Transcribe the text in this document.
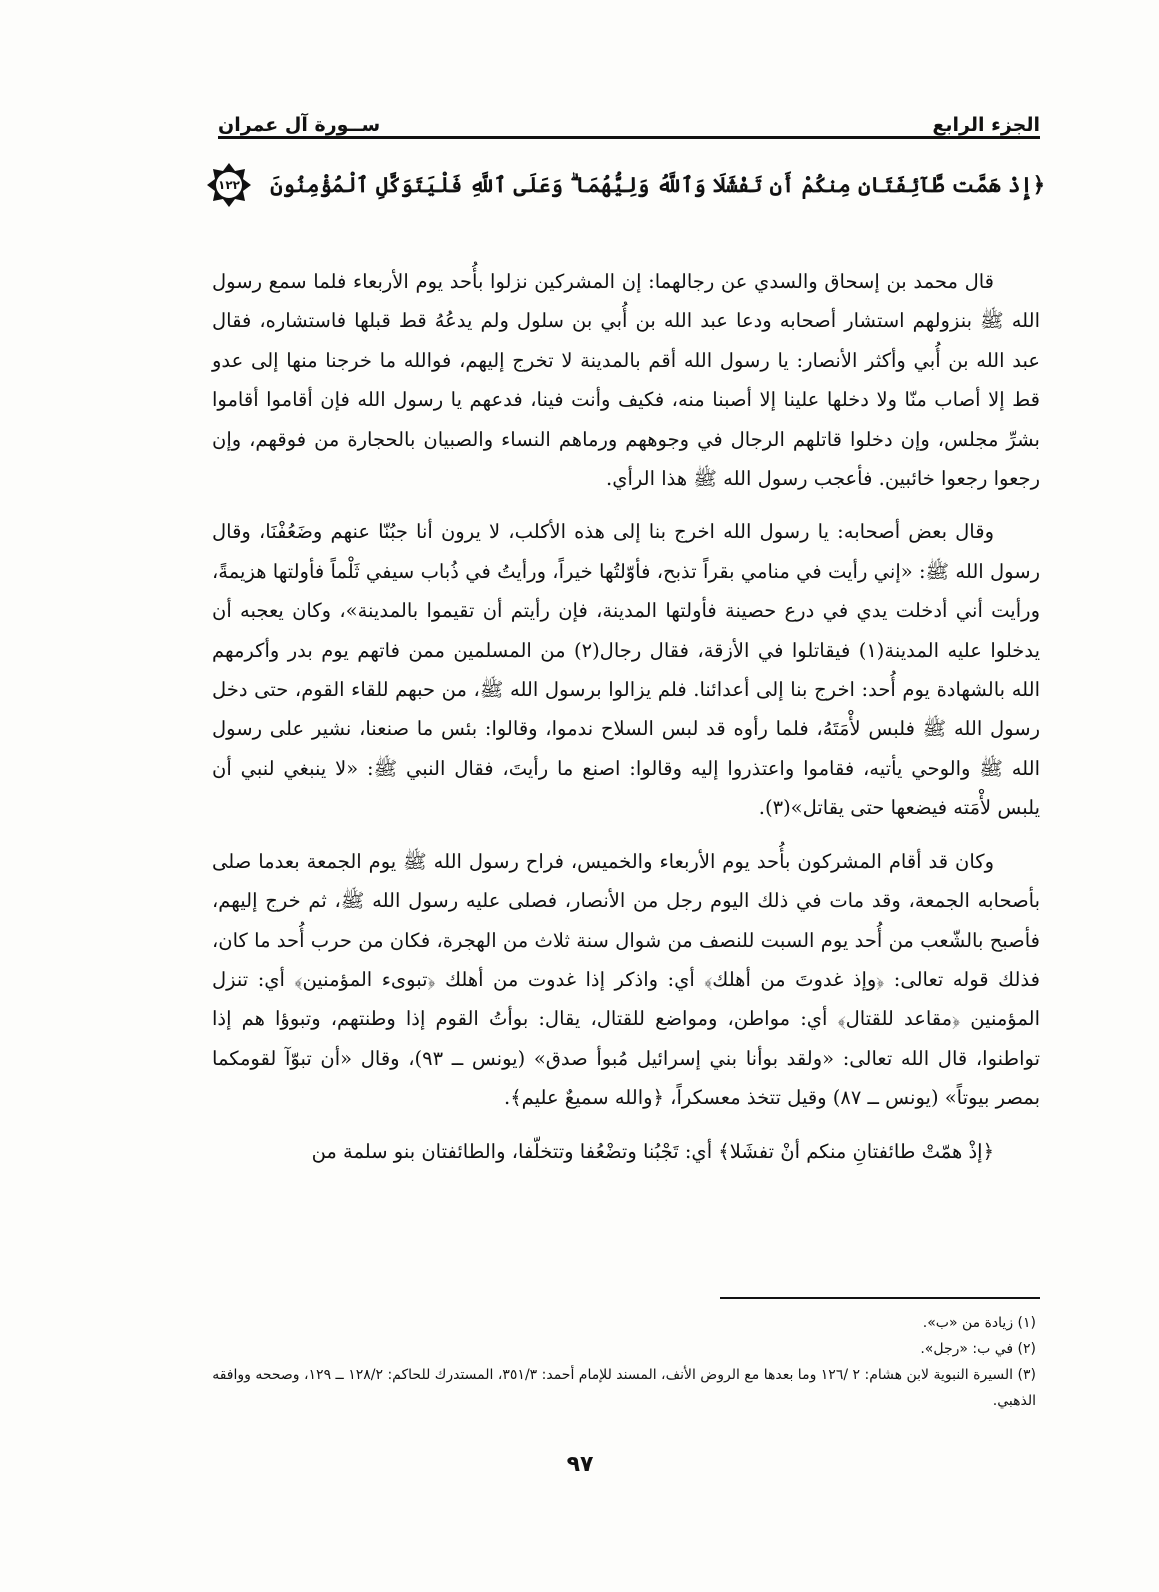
الجزء الرابع
ســورة آل عمران
﴿إِذْ هَمَّت طَّآئِفَتَانِ مِنكُمْ أَن تَفْشَلَا وَٱللَّهُ وَلِيُّهُمَا ۗ وَعَلَى ٱللَّهِ فَلْيَتَوَكَّلِ ٱلْمُؤْمِنُونَ
١٢٢

قال محمد بن إسحاق والسدي عن رجالهما: إن المشركين نزلوا بأُحد يوم الأربعاء فلما سمع رسول الله ﷺ بنزولهم استشار أصحابه ودعا عبد الله بن أُبي بن سلول ولم يدعُهُ قط قبلها فاستشاره، فقال عبد الله بن أُبي وأكثر الأنصار: يا رسول الله أقم بالمدينة لا تخرج إليهم، فوالله ما خرجنا منها إلى عدو قط إلا أصاب منّا ولا دخلها علينا إلا أصبنا منه، فكيف وأنت فينا، فدعهم يا رسول الله فإن أقاموا أقاموا بشرِّ مجلس، وإن دخلوا قاتلهم الرجال في وجوههم ورماهم النساء والصبيان بالحجارة من فوقهم، وإن رجعوا رجعوا خائبين. فأعجب رسول الله ﷺ هذا الرأي.

وقال بعض أصحابه: يا رسول الله اخرج بنا إلى هذه الأكلب، لا يرون أنا جبُنّا عنهم وضَعُفْنَا، وقال رسول الله ﷺ: «إني رأيت في منامي بقراً تذبح، فأوّلتُها خيراً، ورأيتُ في ذُباب سيفي ثَلْماً فأولتها هزيمةً، ورأيت أني أدخلت يدي في درع حصينة فأولتها المدينة، فإن رأيتم أن تقيموا بالمدينة»، وكان يعجبه أن يدخلوا عليه المدينة(١) فيقاتلوا في الأزقة، فقال رجال(٢) من المسلمين ممن فاتهم يوم بدر وأكرمهم الله بالشهادة يوم أُحد: اخرج بنا إلى أعدائنا. فلم يزالوا برسول الله ﷺ، من حبهم للقاء القوم، حتى دخل رسول الله ﷺ فلبس لأْمَتَهُ، فلما رأوه قد لبس السلاح ندموا، وقالوا: بئس ما صنعنا، نشير على رسول الله ﷺ والوحي يأتيه، فقاموا واعتذروا إليه وقالوا: اصنع ما رأيتَ، فقال النبي ﷺ: «لا ينبغي لنبي أن يلبس لأْمَته فيضعها حتى يقاتل»(٣).

وكان قد أقام المشركون بأُحد يوم الأربعاء والخميس، فراح رسول الله ﷺ يوم الجمعة بعدما صلى بأصحابه الجمعة، وقد مات في ذلك اليوم رجل من الأنصار، فصلى عليه رسول الله ﷺ، ثم خرج إليهم، فأصبح بالشّعب من أُحد يوم السبت للنصف من شوال سنة ثلاث من الهجرة، فكان من حرب أُحد ما كان، فذلك قوله تعالى: ﴿وإذ غدوتَ من أهلك﴾ أي: واذكر إذا غدوت من أهلك ﴿تبوىء المؤمنين﴾ أي: تنزل المؤمنين ﴿مقاعد للقتال﴾ أي: مواطن، ومواضع للقتال، يقال: بوأتُ القوم إذا وطنتهم، وتبوؤا هم إذا تواطنوا، قال الله تعالى: «ولقد بوأنا بني إسرائيل مُبوأ صدق» (يونس ــ ٩٣)، وقال «أن تبوّآ لقومكما بمصر بيوتاً» (يونس ــ ٨٧) وقيل تتخذ معسكراً، ﴿والله سميعٌ عليم﴾.

﴿إذْ همّتْ طائفتانِ منكم أنْ تفشَلا﴾ أي: تَجْبُنا وتضْعُفا وتتخلّفا، والطائفتان بنو سلمة من

(١) زيادة من «ب».

(٢) في ب: «رجل».

(٣) السيرة النبوية لابن هشام: ٢ /١٢٦ وما بعدها مع الروض الأنف، المسند للإمام أحمد: ٣٥١/٣، المستدرك للحاكم: ١٢٨/٢ ــ ١٢٩، وصححه ووافقه الذهبي.

٩٧
